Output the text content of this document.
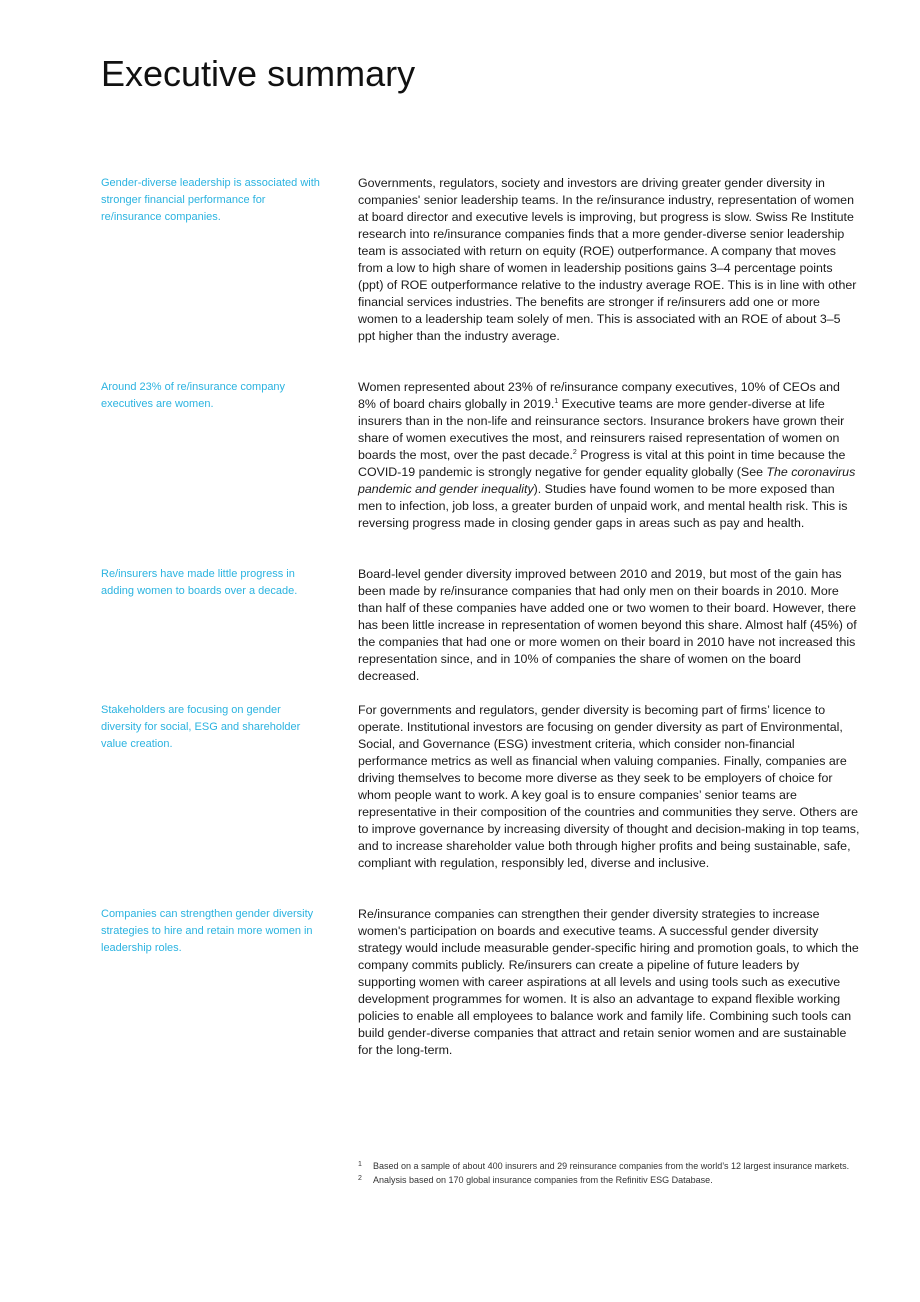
Executive summary

Gender-diverse leadership is associated with stronger financial performance for re/insurance companies.

Governments, regulators, society and investors are driving greater gender diversity in companies' senior leadership teams. In the re/insurance industry, representation of women at board director and executive levels is improving, but progress is slow. Swiss Re Institute research into re/insurance companies finds that a more gender-diverse senior leadership team is associated with return on equity (ROE) outperformance. A company that moves from a low to high share of women in leadership positions gains 3–4 percentage points (ppt) of ROE outperformance relative to the industry average ROE. This is in line with other financial services industries. The benefits are stronger if re/insurers add one or more women to a leadership team solely of men. This is associated with an ROE of about 3–5 ppt higher than the industry average.

Around 23% of re/insurance company executives are women.

Women represented about 23% of re/insurance company executives, 10% of CEOs and 8% of board chairs globally in 2019.$^1$ Executive teams are more gender-diverse at life insurers than in the non-life and reinsurance sectors. Insurance brokers have grown their share of women executives the most, and reinsurers raised representation of women on boards the most, over the past decade.$^2$ Progress is vital at this point in time because the COVID-19 pandemic is strongly negative for gender equality globally (See The coronavirus pandemic and gender inequality). Studies have found women to be more exposed than men to infection, job loss, a greater burden of unpaid work, and mental health risk. This is reversing progress made in closing gender gaps in areas such as pay and health.

Re/insurers have made little progress in adding women to boards over a decade.

Board-level gender diversity improved between 2010 and 2019, but most of the gain has been made by re/insurance companies that had only men on their boards in 2010. More than half of these companies have added one or two women to their board. However, there has been little increase in representation of women beyond this share. Almost half (45%) of the companies that had one or more women on their board in 2010 have not increased this representation since, and in 10% of companies the share of women on the board decreased.

Stakeholders are focusing on gender diversity for social, ESG and shareholder value creation.

For governments and regulators, gender diversity is becoming part of firms’ licence to operate. Institutional investors are focusing on gender diversity as part of Environmental, Social, and Governance (ESG) investment criteria, which consider non-financial performance metrics as well as financial when valuing companies. Finally, companies are driving themselves to become more diverse as they seek to be employers of choice for whom people want to work. A key goal is to ensure companies’ senior teams are representative in their composition of the countries and communities they serve. Others are to improve governance by increasing diversity of thought and decision-making in top teams, and to increase shareholder value both through higher profits and being sustainable, safe, compliant with regulation, responsibly led, diverse and inclusive.

Companies can strengthen gender diversity strategies to hire and retain more women in leadership roles.

Re/insurance companies can strengthen their gender diversity strategies to increase women's participation on boards and executive teams. A successful gender diversity strategy would include measurable gender-specific hiring and promotion goals, to which the company commits publicly. Re/insurers can create a pipeline of future leaders by supporting women with career aspirations at all levels and using tools such as executive development programmes for women. It is also an advantage to expand flexible working policies to enable all employees to balance work and family life. Combining such tools can build gender-diverse companies that attract and retain senior women and are sustainable for the long-term.

1 Based on a sample of about 400 insurers and 29 reinsurance companies from the world’s 12 largest insurance markets.
2 Analysis based on 170 global insurance companies from the Refinitiv ESG Database.
